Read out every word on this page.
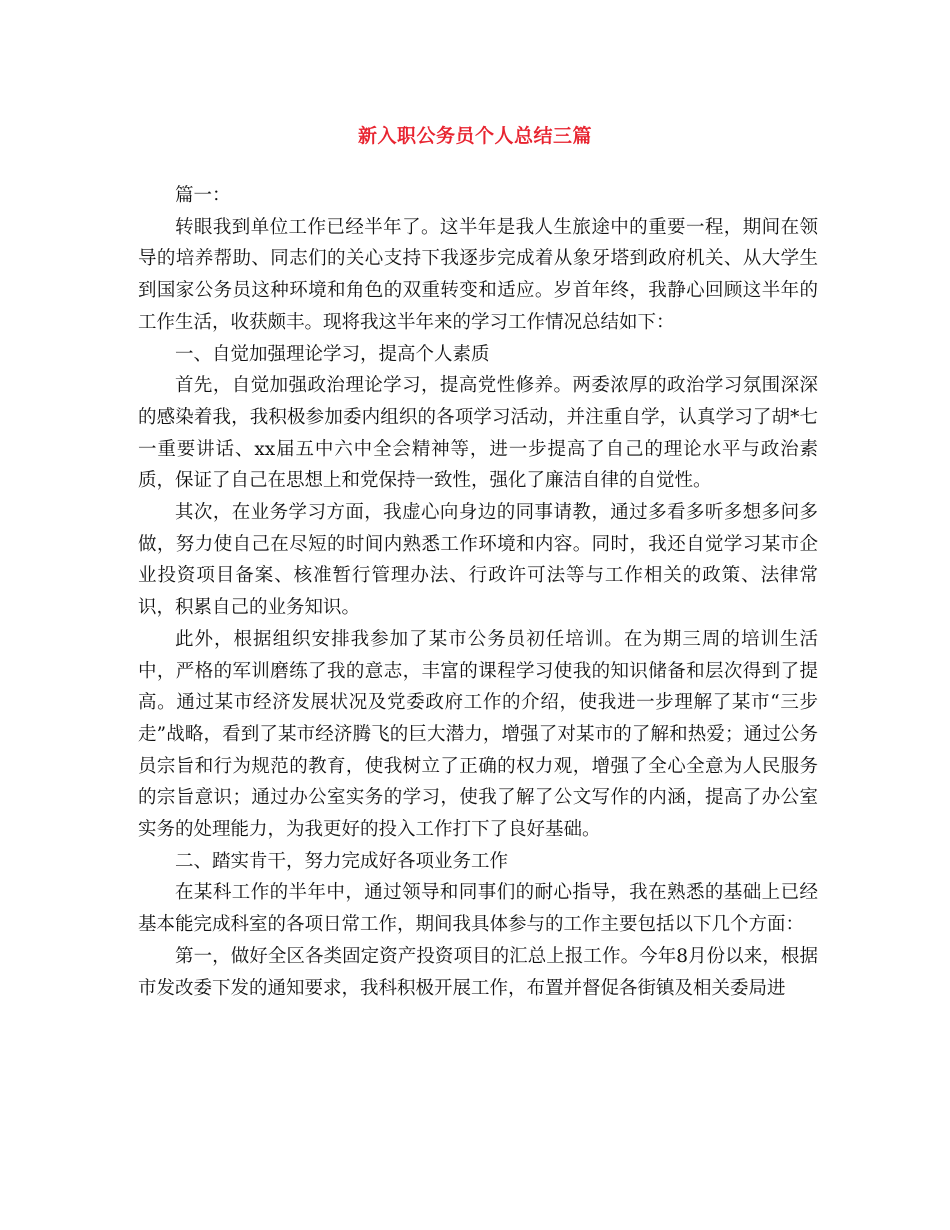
新入职公务员个人总结三篇

篇一：

转眼我到单位工作已经半年了。这半年是我人生旅途中的重要一程，期间在领导的培养帮助、同志们的关心支持下我逐步完成着从象牙塔到政府机关、从大学生到国家公务员这种环境和角色的双重转变和适应。岁首年终，我静心回顾这半年的工作生活，收获颇丰。现将我这半年来的学习工作情况总结如下：

一、自觉加强理论学习，提高个人素质

首先，自觉加强政治理论学习，提高党性修养。两委浓厚的政治学习氛围深深的感染着我，我积极参加委内组织的各项学习活动，并注重自学，认真学习了胡*七一重要讲话、xx届五中六中全会精神等，进一步提高了自己的理论水平与政治素质，保证了自己在思想上和党保持一致性，强化了廉洁自律的自觉性。

其次，在业务学习方面，我虚心向身边的同事请教，通过多看多听多想多问多做，努力使自己在尽短的时间内熟悉工作环境和内容。同时，我还自觉学习某市企业投资项目备案、核准暂行管理办法、行政许可法等与工作相关的政策、法律常识，积累自己的业务知识。

此外，根据组织安排我参加了某市公务员初任培训。在为期三周的培训生活中，严格的军训磨练了我的意志，丰富的课程学习使我的知识储备和层次得到了提高。通过某市经济发展状况及党委政府工作的介绍，使我进一步理解了某市“三步走”战略，看到了某市经济腾飞的巨大潜力，增强了对某市的了解和热爱；通过公务员宗旨和行为规范的教育，使我树立了正确的权力观，增强了全心全意为人民服务的宗旨意识；通过办公室实务的学习，使我了解了公文写作的内涵，提高了办公室实务的处理能力，为我更好的投入工作打下了良好基础。

二、踏实肯干，努力完成好各项业务工作

在某科工作的半年中，通过领导和同事们的耐心指导，我在熟悉的基础上已经基本能完成科室的各项日常工作，期间我具体参与的工作主要包括以下几个方面：

第一，做好全区各类固定资产投资项目的汇总上报工作。今年8月份以来，根据市发改委下发的通知要求，我科积极开展工作，布置并督促各街镇及相关委局进
